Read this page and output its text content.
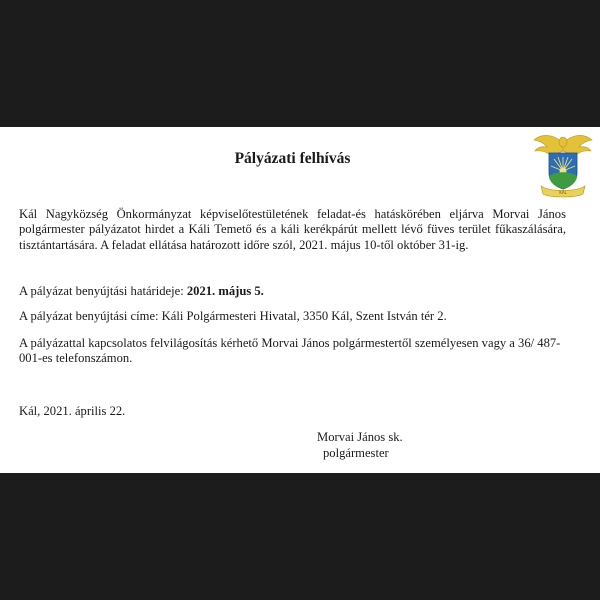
Pályázati felhívás
KÁL
Kál Nagyközség Önkormányzat képviselőtestületének feladat-és hatáskörében eljárva Morvai János polgármester pályázatot hirdet a Káli Temető és a káli kerékpárút mellett lévő füves terület fűkaszálására, tisztántartására. A feladat ellátása határozott időre szól, 2021. május 10-től október 31-ig.
A pályázat benyújtási határideje: 2021. május 5.
A pályázat benyújtási címe: Káli Polgármesteri Hivatal, 3350 Kál, Szent István tér 2.
A pályázattal kapcsolatos felvilágosítás kérhető Morvai János polgármestertől személyesen vagy a 36/ 487-001-es telefonszámon.
Kál, 2021. április 22.
Morvai János sk.
polgármester
